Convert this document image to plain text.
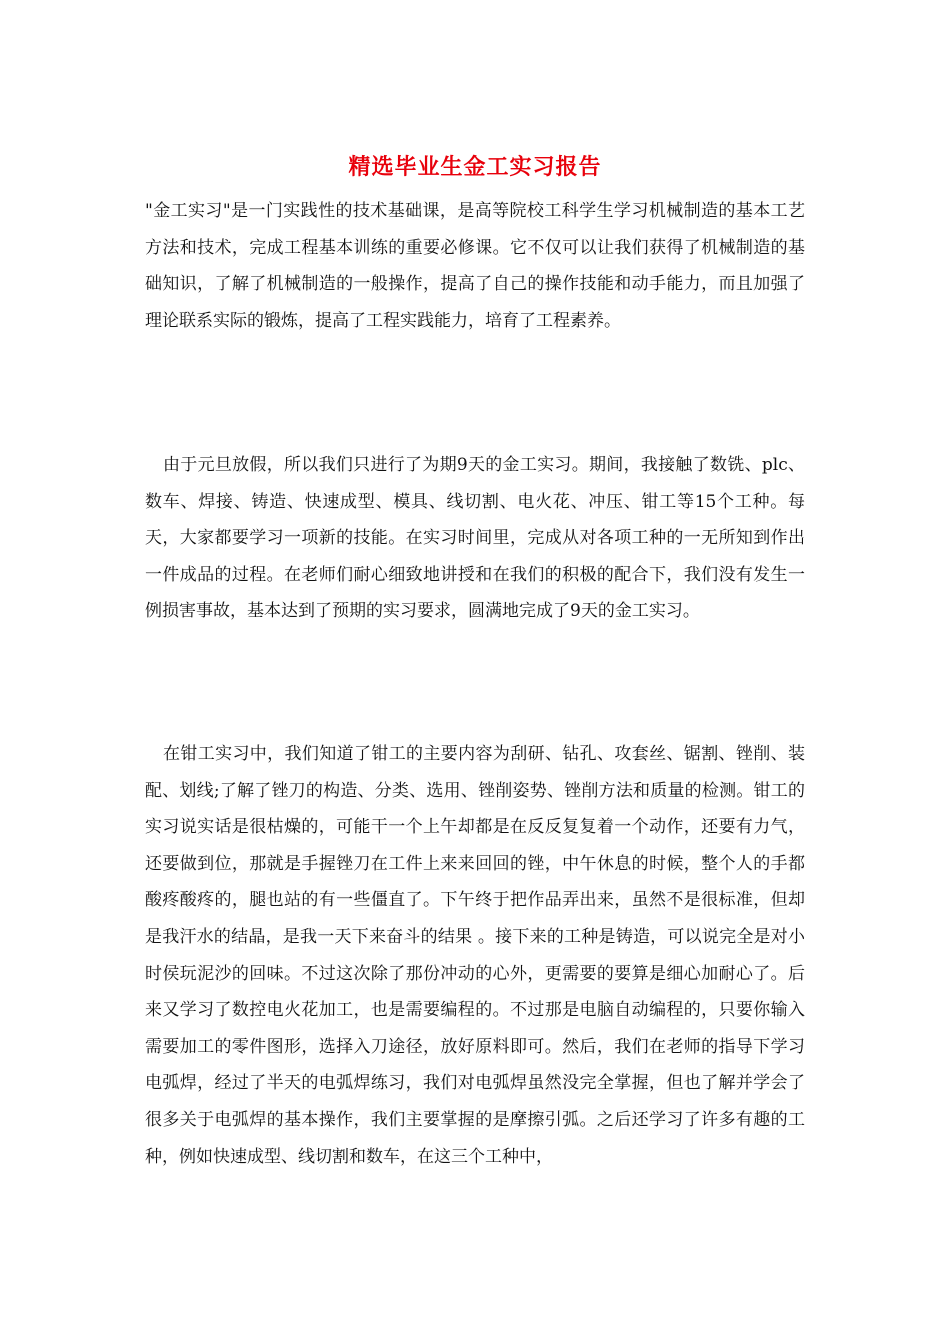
精选毕业生金工实习报告

"金工实习"是一门实践性的技术基础课，是高等院校工科学生学习机械制造的基本工艺方法和技术，完成工程基本训练的重要必修课。它不仅可以让我们获得了机械制造的基础知识，了解了机械制造的一般操作，提高了自己的操作技能和动手能力，而且加强了理论联系实际的锻炼，提高了工程实践能力，培育了工程素养。

由于元旦放假，所以我们只进行了为期9天的金工实习。期间，我接触了数铣、plc、数车、焊接、铸造、快速成型、模具、线切割、电火花、冲压、钳工等15个工种。每天，大家都要学习一项新的技能。在实习时间里，完成从对各项工种的一无所知到作出一件成品的过程。在老师们耐心细致地讲授和在我们的积极的配合下，我们没有发生一例损害事故，基本达到了预期的实习要求，圆满地完成了9天的金工实习。

在钳工实习中，我们知道了钳工的主要内容为刮研、钻孔、攻套丝、锯割、锉削、装配、划线;了解了锉刀的构造、分类、选用、锉削姿势、锉削方法和质量的检测。钳工的实习说实话是很枯燥的，可能干一个上午却都是在反反复复着一个动作，还要有力气，还要做到位，那就是手握锉刀在工件上来来回回的锉，中午休息的时候，整个人的手都酸疼酸疼的，腿也站的有一些僵直了。下午终于把作品弄出来，虽然不是很标准，但却是我汗水的结晶，是我一天下来奋斗的结果 。接下来的工种是铸造，可以说完全是对小时侯玩泥沙的回味。不过这次除了那份冲动的心外，更需要的要算是细心加耐心了。后来又学习了数控电火花加工，也是需要编程的。不过那是电脑自动编程的，只要你输入需要加工的零件图形，选择入刀途径，放好原料即可。然后，我们在老师的指导下学习电弧焊，经过了半天的电弧焊练习，我们对电弧焊虽然没完全掌握，但也了解并学会了很多关于电弧焊的基本操作，我们主要掌握的是摩擦引弧。之后还学习了许多有趣的工种，例如快速成型、线切割和数车，在这三个工种中，
